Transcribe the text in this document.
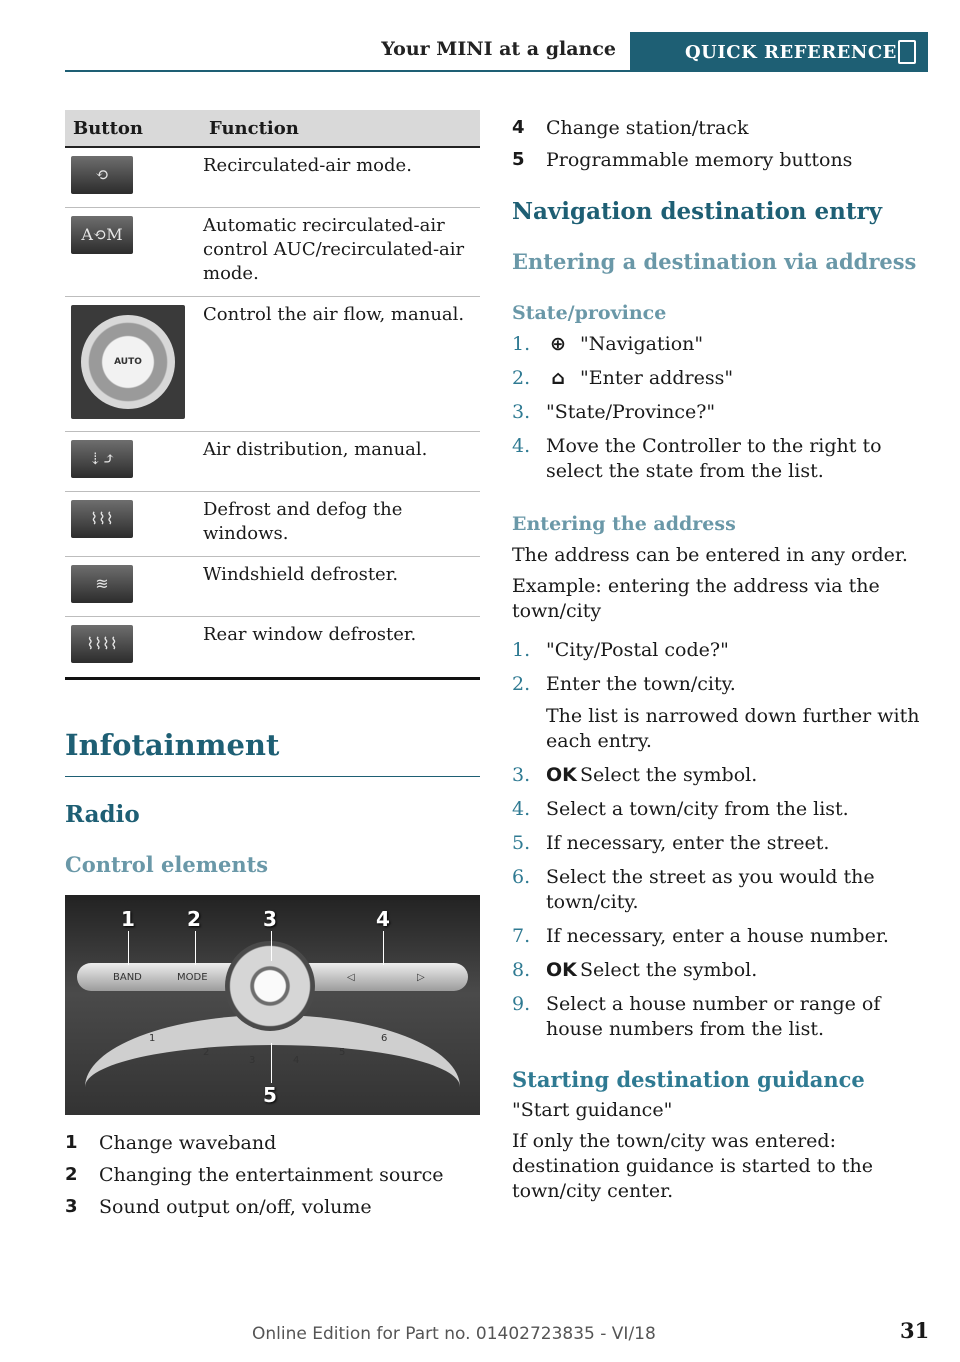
Your MINI at a glance	QUICK REFERENCE
Button	Function

⟲	Recirculated-air mode.

A⟲M	Automatic recirculated-air control AUC/recirculated-air mode.

AUTO	Control the air flow, manual.

⇣⤴	Air distribution, manual.

⌇⌇⌇	Defrost and defog the windows.

≋	Windshield defroster.

⌇⌇⌇⌇	Rear window defroster.
Infotainment
Radio
Control elements
BAND	MODE	◁	▷
1
2
3	4
5
6
1	2	3	4
5
1	Change waveband
2	Changing the entertainment source
3	Sound output on/off, volume
4	Change station/track
5	Programmable memory buttons
Navigation destination entry
Entering a destination via address
State/province
1.	⊕ "Navigation"
2.	⌂ "Enter address"
3. "State/Province?"
4. Move the Controller to the right to select the state from the list.
Entering the address

The address can be entered in any order.

Example: entering the address via the town/city

1. "City/Postal code?"
2. Enter the town/city.
The list is narrowed down further with each entry.
3. OK Select the symbol.
4. Select a town/city from the list.
5. If necessary, enter the street.
6. Select the street as you would the town/city.
7. If necessary, enter a house number.
8. OK Select the symbol.
9. Select a house number or range of house numbers from the list.
Starting destination guidance

"Start guidance"

If only the town/city was entered: destination guidance is started to the town/city center.

Online Edition for Part no. 01402723835 - VI/18	31
